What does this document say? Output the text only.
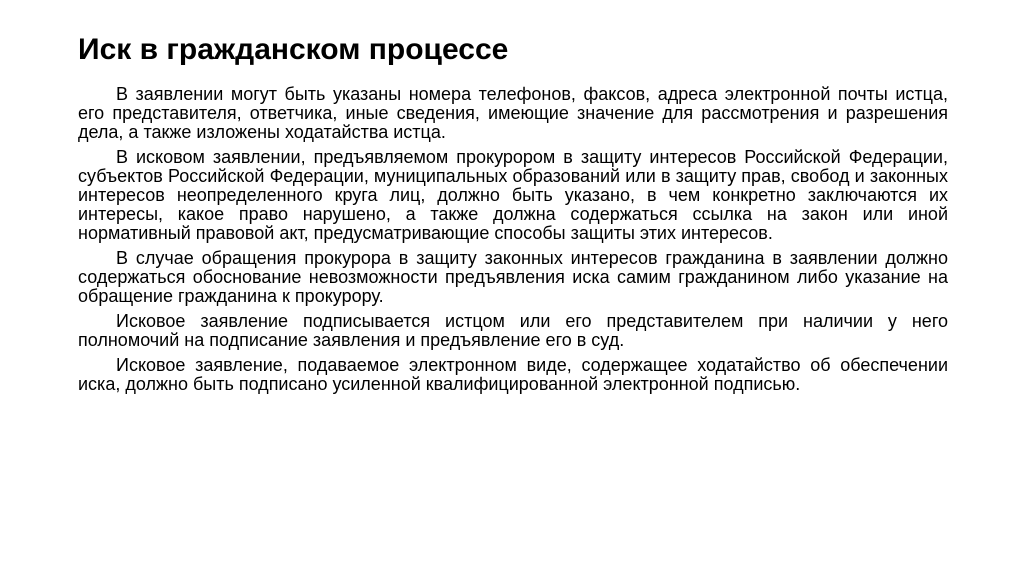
Иск в гражданском процессе

В заявлении могут быть указаны номера телефонов, факсов, адреса электронной почты истца, его представителя, ответчика, иные сведения, имеющие значение для рассмотрения и разрешения дела, а также изложены ходатайства истца.

В исковом заявлении, предъявляемом прокурором в защиту интересов Российской Федерации, субъектов Российской Федерации, муниципальных образований или в защиту прав, свобод и законных интересов неопределенного круга лиц, должно быть указано, в чем конкретно заключаются их интересы, какое право нарушено, а также должна содержаться ссылка на закон или иной нормативный правовой акт, предусматривающие способы защиты этих интересов.

В случае обращения прокурора в защиту законных интересов гражданина в заявлении должно содержаться обоснование невозможности предъявления иска самим гражданином либо указание на обращение гражданина к прокурору.

Исковое заявление подписывается истцом или его представителем при наличии у него полномочий на подписание заявления и предъявление его в суд.

Исковое заявление, подаваемое электронном виде, содержащее ходатайство об обеспечении иска, должно быть подписано усиленной квалифицированной электронной подписью.
